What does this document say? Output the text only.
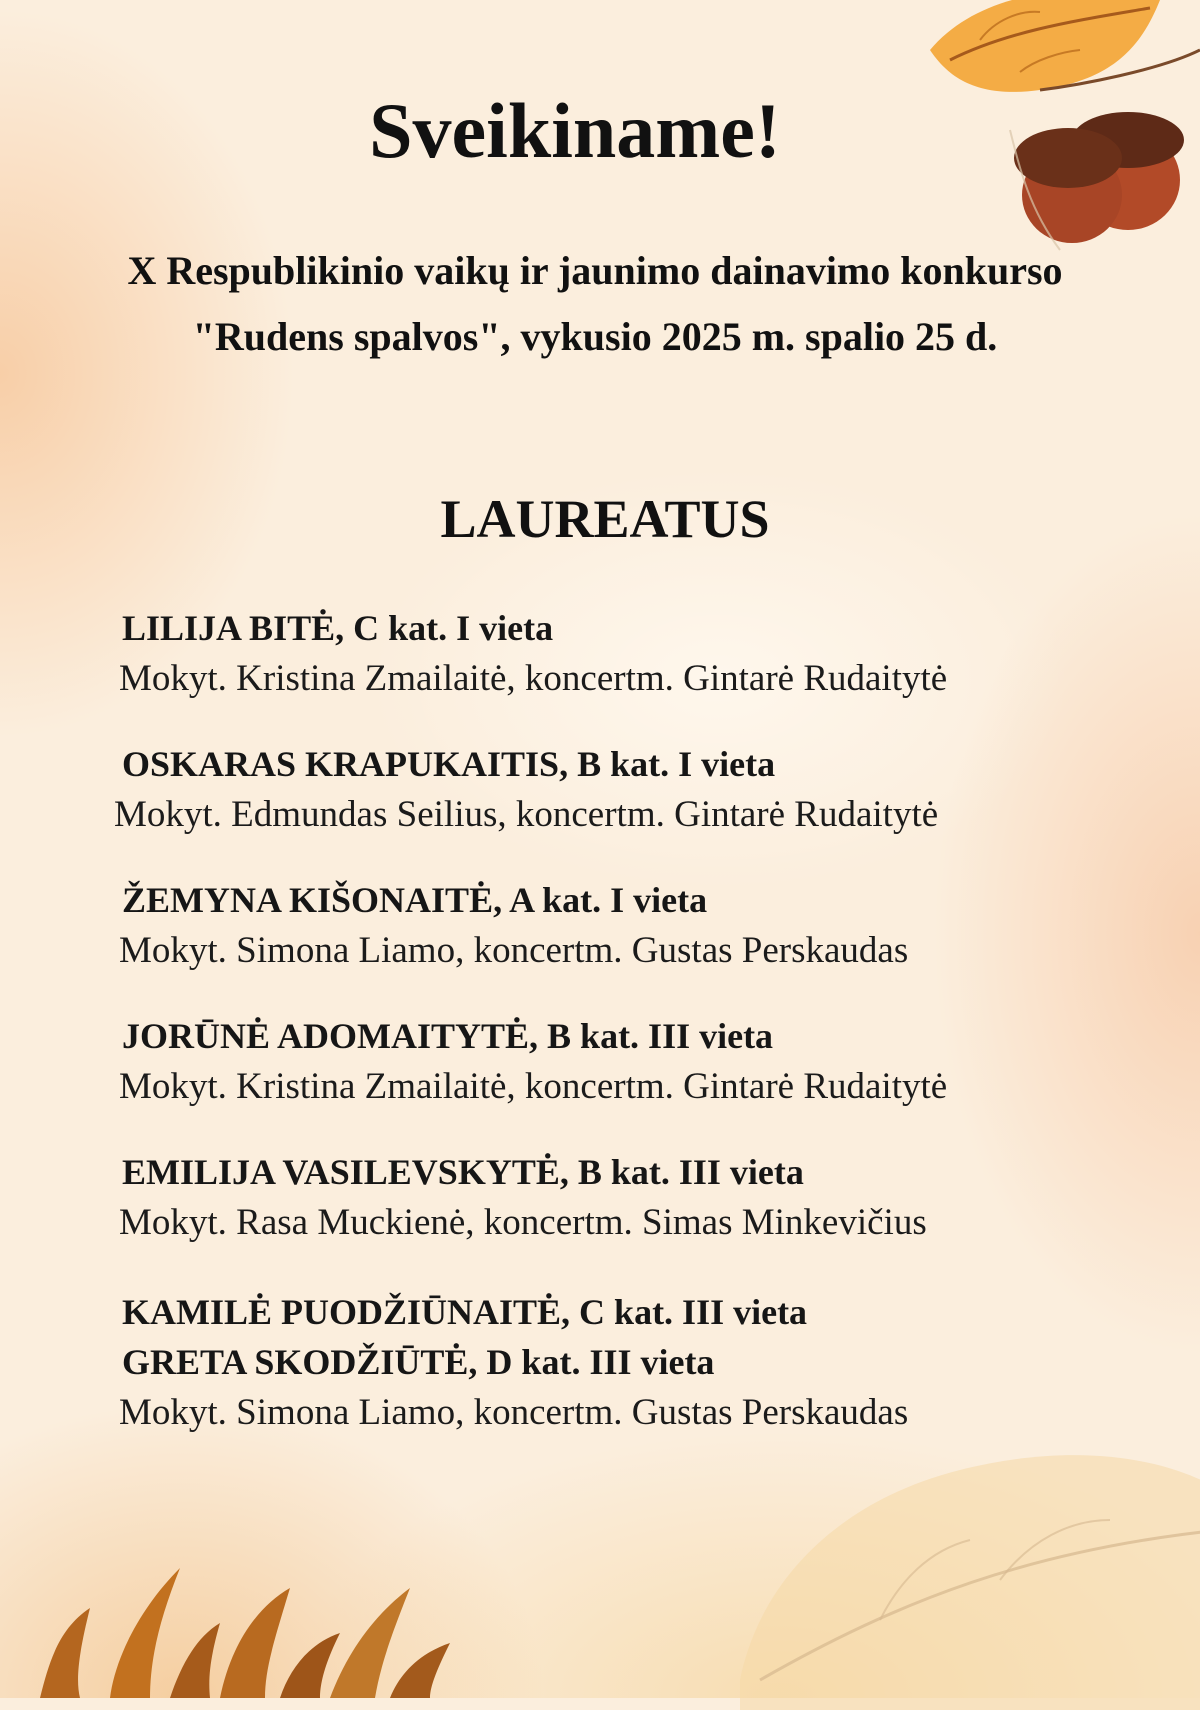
Sveikiname!
X Respublikinio vaikų ir jaunimo dainavimo konkurso "Rudens spalvos", vykusio 2025 m. spalio 25 d.
LAUREATUS
LILIJA BITĖ, C kat. I vieta
Mokyt. Kristina Zmailaitė, koncertm. Gintarė Rudaitytė
OSKARAS KRAPUKAITIS, B kat. I vieta
Mokyt. Edmundas Seilius, koncertm. Gintarė Rudaitytė
ŽEMYNA KIŠONAITĖ, A kat. I vieta
Mokyt. Simona Liamo, koncertm. Gustas Perskaudas
JORŪNĖ ADOMAITYTĖ, B kat. III vieta
Mokyt. Kristina Zmailaitė, koncertm. Gintarė Rudaitytė
EMILIJA VASILEVSKYTĖ, B kat. III vieta
Mokyt. Rasa Muckienė, koncertm. Simas Minkevičius
KAMILĖ PUODŽIŪNAITĖ, C kat. III vieta
GRETA SKODŽIŪTĖ, D kat. III vieta
Mokyt. Simona Liamo, koncertm. Gustas Perskaudas
